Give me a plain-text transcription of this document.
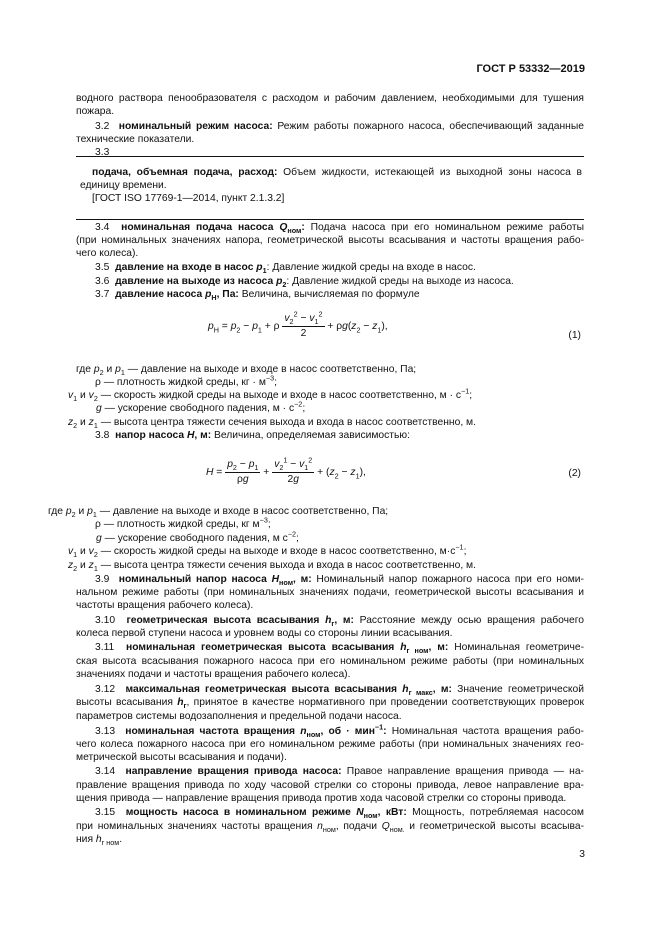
ГОСТ Р 53332—2019
водного раствора пенообразователя с расходом и рабочим давлением, необходимыми для тушения
пожара.
3.2 номинальный режим насоса: Режим работы пожарного насоса, обеспечивающий заданные
технические показатели.
3.3
подача, объемная подача, расход: Объем жидкости, истекающей из выходной зоны насоса в
единицу времени.
[ГОСТ ISO 17769-1—2014, пункт 2.1.3.2]
3.4 номинальная подача насоса $Q_{ном}$: Подача насоса при его номинальном режиме работы
(при номинальных значениях напора, геометрической высоты всасывания и частоты вращения рабо-
чего колеса).
3.5 давление на входе в насос $p_1$: Давление жидкой среды на входе в насос.
3.6 давление на выходе из насоса $p_2$: Давление жидкой среды на выходе из насоса.
3.7 давление насоса $p_Н$, Па: Величина, вычисляемая по формуле
$p_Н = p_2 - p_1 + \rho \frac{v_2^2 - v_1^2}{2} + \rho g(z_2 - z_1)$,
(1)
где $p_2$ и $p_1$ — давление на выходе и входе в насос соответственно, Па;
ρ — плотность жидкой среды, кг · $м^{-3}$;
$v_1$ и $v_2$ — скорость жидкой среды на выходе и входе в насос соответственно, $м \cdot с^{-1}$;
g — ускорение свободного падения, $м \cdot с^{-2}$;
$z_2$ и $z_1$ — высота центра тяжести сечения выхода и входа в насос соответственно, м.
3.8 напор насоса H, м: Величина, определяемая зависимостью:
$H = \frac{p_2 - p_1}{\rho g} + \frac{v_2^1 - v_1^2}{2g} + (z_2 - z_1)$,	(2)
где $p_2$ и $p_1$ — давление на выходе и входе в насос соответственно, Па;
ρ — плотность жидкой среды, кг $м^{-3}$;
g — ускорение свободного падения, м $с^{-2}$;
$v_1$ и $v_2$ — скорость жидкой среды на выходе и входе в насос соответственно, $м\cdot с^{-1}$;
$z_2$ и $z_1$ — высота центра тяжести сечения выхода и входа в насос соответственно, м.
3.9 номинальный напор насоса $H_{ном}$, м: Номинальный напор пожарного насоса при его номи-
нальном режиме работы (при номинальных значениях подачи, геометрической высоты всасывания и
частоты вращения рабочего колеса).
3.10 геометрическая высота всасывания $h_г$, м: Расстояние между осью вращения рабочего
колеса первой ступени насоса и уровнем воды со стороны линии всасывания.
3.11 номинальная геометрическая высота всасывания $h_{г ном}$, м: Номинальная геометриче-
ская высота всасывания пожарного насоса при его номинальном режиме работы (при номинальных
значениях подачи и частоты вращения рабочего колеса).
3.12 максимальная геометрическая высота всасывания $h_{г макс}$, м: Значение геометрической
высоты всасывания $h_г$, принятое в качестве нормативного при проведении соответствующих проверок
параметров системы водозаполнения и предельной подачи насоса.
3.13 номинальная частота вращения $n_{ном}$, об · мин$^{-1}$: Номинальная частота вращения рабо-
чего колеса пожарного насоса при его номинальном режиме работы (при номинальных значениях гео-
метрической высоты всасывания и подачи).
3.14 направление вращения привода насоса: Правое направление вращения привода — на-
правление вращения привода по ходу часовой стрелки со стороны привода, левое направление вра-
щения привода — направление вращения привода против хода часовой стрелки со стороны привода.
3.15 мощность насоса в номинальном режиме $N_{ном}$, кВт: Мощность, потребляемая насосом
при номинальных значениях частоты вращения $n_{ном}$, подачи $Q_{ном.}$ и геометрической высоты всасыва-
ния $h_{г ном}$.
3
